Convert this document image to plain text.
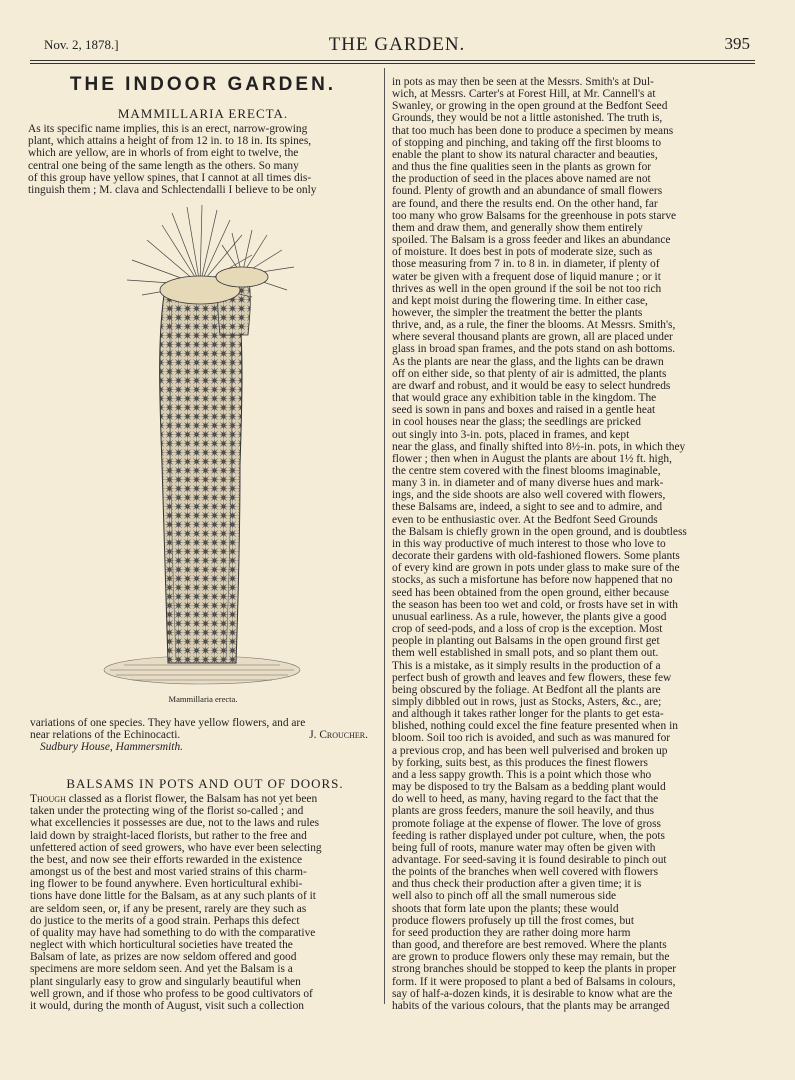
Nov. 2, 1878.]	THE GARDEN.	395
THE INDOOR GARDEN.

MAMMILLARIA ERECTA.

As its specific name implies, this is an erect, narrow-growing

plant, which attains a height of from 12 in. to 18 in. Its spines,

which are yellow, are in whorls of from eight to twelve, the

central one being of the same length as the others. So many

of this group have yellow spines, that I cannot at all times dis-

tinguish them ; M. clava and Schlectendalli I believe to be only

Mammillaria erecta.

variations of one species. They have yellow flowers, and are

near relations of the Echinocacti.	J. Croucher.

Sudbury House, Hammersmith.

BALSAMS IN POTS AND OUT OF DOORS.

Though classed as a florist flower, the Balsam has not yet been

taken under the protecting wing of the florist so-called ; and

what excellencies it possesses are due, not to the laws and rules

laid down by straight-laced florists, but rather to the free and

unfettered action of seed growers, who have ever been selecting

the best, and now see their efforts rewarded in the existence

amongst us of the best and most varied strains of this charm-

ing flower to be found anywhere. Even horticultural exhibi-

tions have done little for the Balsam, as at any such plants of it

are seldom seen, or, if any be present, rarely are they such as

do justice to the merits of a good strain. Perhaps this defect

of quality may have had something to do with the comparative

neglect with which horticultural societies have treated the

Balsam of late, as prizes are now seldom offered and good

specimens are more seldom seen. And yet the Balsam is a

plant singularly easy to grow and singularly beautiful when

well grown, and if those who profess to be good cultivators of

it would, during the month of August, visit such a collection

in pots as may then be seen at the Messrs. Smith's at Dul-

wich, at Messrs. Carter's at Forest Hill, at Mr. Cannell's at

Swanley, or growing in the open ground at the Bedfont Seed

Grounds, they would be not a little astonished. The truth is,

that too much has been done to produce a specimen by means

of stopping and pinching, and taking off the first blooms to

enable the plant to show its natural character and beauties,

and thus the fine qualities seen in the plants as grown for

the production of seed in the places above named are not

found. Plenty of growth and an abundance of small flowers

are found, and there the results end. On the other hand, far

too many who grow Balsams for the greenhouse in pots starve

them and draw them, and generally show them entirely

spoiled. The Balsam is a gross feeder and likes an abundance

of moisture. It does best in pots of moderate size, such as

those measuring from 7 in. to 8 in. in diameter, if plenty of

water be given with a frequent dose of liquid manure ; or it

thrives as well in the open ground if the soil be not too rich

and kept moist during the flowering time. In either case,

however, the simpler the treatment the better the plants

thrive, and, as a rule, the finer the blooms. At Messrs. Smith's,

where several thousand plants are grown, all are placed under

glass in broad span frames, and the pots stand on ash bottoms.

As the plants are near the glass, and the lights can be drawn

off on either side, so that plenty of air is admitted, the plants

are dwarf and robust, and it would be easy to select hundreds

that would grace any exhibition table in the kingdom. The

seed is sown in pans and boxes and raised in a gentle heat

in cool houses near the glass; the seedlings are pricked

out singly into 3-in. pots, placed in frames, and kept

near the glass, and finally shifted into 8½-in. pots, in which they

flower ; then when in August the plants are about 1½ ft. high,

the centre stem covered with the finest blooms imaginable,

many 3 in. in diameter and of many diverse hues and mark-

ings, and the side shoots are also well covered with flowers,

these Balsams are, indeed, a sight to see and to admire, and

even to be enthusiastic over. At the Bedfont Seed Grounds

the Balsam is chiefly grown in the open ground, and is doubtless

in this way productive of much interest to those who love to

decorate their gardens with old-fashioned flowers. Some plants

of every kind are grown in pots under glass to make sure of the

stocks, as such a misfortune has before now happened that no

seed has been obtained from the open ground, either because

the season has been too wet and cold, or frosts have set in with

unusual earliness. As a rule, however, the plants give a good

crop of seed-pods, and a loss of crop is the exception. Most

people in planting out Balsams in the open ground first get

them well established in small pots, and so plant them out.

This is a mistake, as it simply results in the production of a

perfect bush of growth and leaves and few flowers, these few

being obscured by the foliage. At Bedfont all the plants are

simply dibbled out in rows, just as Stocks, Asters, &c., are;

and although it takes rather longer for the plants to get esta-

blished, nothing could excel the fine feature presented when in

bloom. Soil too rich is avoided, and such as was manured for

a previous crop, and has been well pulverised and broken up

by forking, suits best, as this produces the finest flowers

and a less sappy growth. This is a point which those who

may be disposed to try the Balsam as a bedding plant would

do well to heed, as many, having regard to the fact that the

plants are gross feeders, manure the soil heavily, and thus

promote foliage at the expense of flower. The love of gross

feeding is rather displayed under pot culture, when, the pots

being full of roots, manure water may often be given with

advantage. For seed-saving it is found desirable to pinch out

the points of the branches when well covered with flowers

and thus check their production after a given time; it is

well also to pinch off all the small numerous side

shoots that form late upon the plants; these would

produce flowers profusely up till the frost comes, but

for seed production they are rather doing more harm

than good, and therefore are best removed. Where the plants

are grown to produce flowers only these may remain, but the

strong branches should be stopped to keep the plants in proper

form. If it were proposed to plant a bed of Balsams in colours,

say of half-a-dozen kinds, it is desirable to know what are the

habits of the various colours, that the plants may be arranged
